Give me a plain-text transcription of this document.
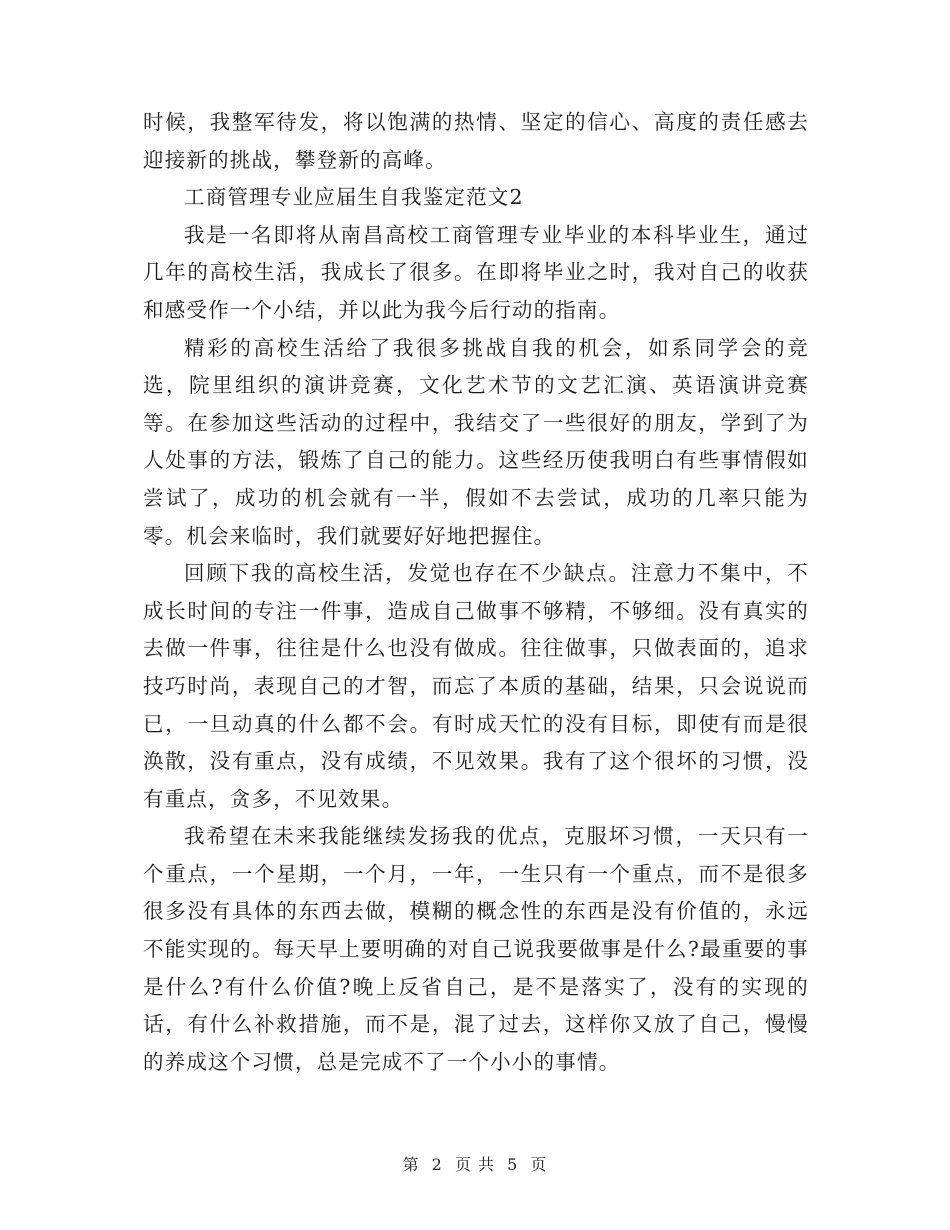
时候，我整军待发，将以饱满的热情、坚定的信心、高度的责任感去迎接新的挑战，攀登新的高峰。

工商管理专业应届生自我鉴定范文2

我是一名即将从南昌高校工商管理专业毕业的本科毕业生，通过几年的高校生活，我成长了很多。在即将毕业之时，我对自己的收获和感受作一个小结，并以此为我今后行动的指南。

精彩的高校生活给了我很多挑战自我的机会，如系同学会的竞选，院里组织的演讲竞赛，文化艺术节的文艺汇演、英语演讲竞赛等。在参加这些活动的过程中，我结交了一些很好的朋友，学到了为人处事的方法，锻炼了自己的能力。这些经历使我明白有些事情假如尝试了，成功的机会就有一半，假如不去尝试，成功的几率只能为零。机会来临时，我们就要好好地把握住。

回顾下我的高校生活，发觉也存在不少缺点。注意力不集中，不成长时间的专注一件事，造成自己做事不够精，不够细。没有真实的去做一件事，往往是什么也没有做成。往往做事，只做表面的，追求技巧时尚，表现自己的才智，而忘了本质的基础，结果，只会说说而已，一旦动真的什么都不会。有时成天忙的没有目标，即使有而是很涣散，没有重点，没有成绩，不见效果。我有了这个很坏的习惯，没有重点，贪多，不见效果。

我希望在未来我能继续发扬我的优点，克服坏习惯，一天只有一个重点，一个星期，一个月，一年，一生只有一个重点，而不是很多很多没有具体的东西去做，模糊的概念性的东西是没有价值的，永远不能实现的。每天早上要明确的对自己说我要做事是什么?最重要的事是什么?有什么价值?晚上反省自己，是不是落实了，没有的实现的话，有什么补救措施，而不是，混了过去，这样你又放了自己，慢慢的养成这个习惯，总是完成不了一个小小的事情。

第 2 页 共 5 页
